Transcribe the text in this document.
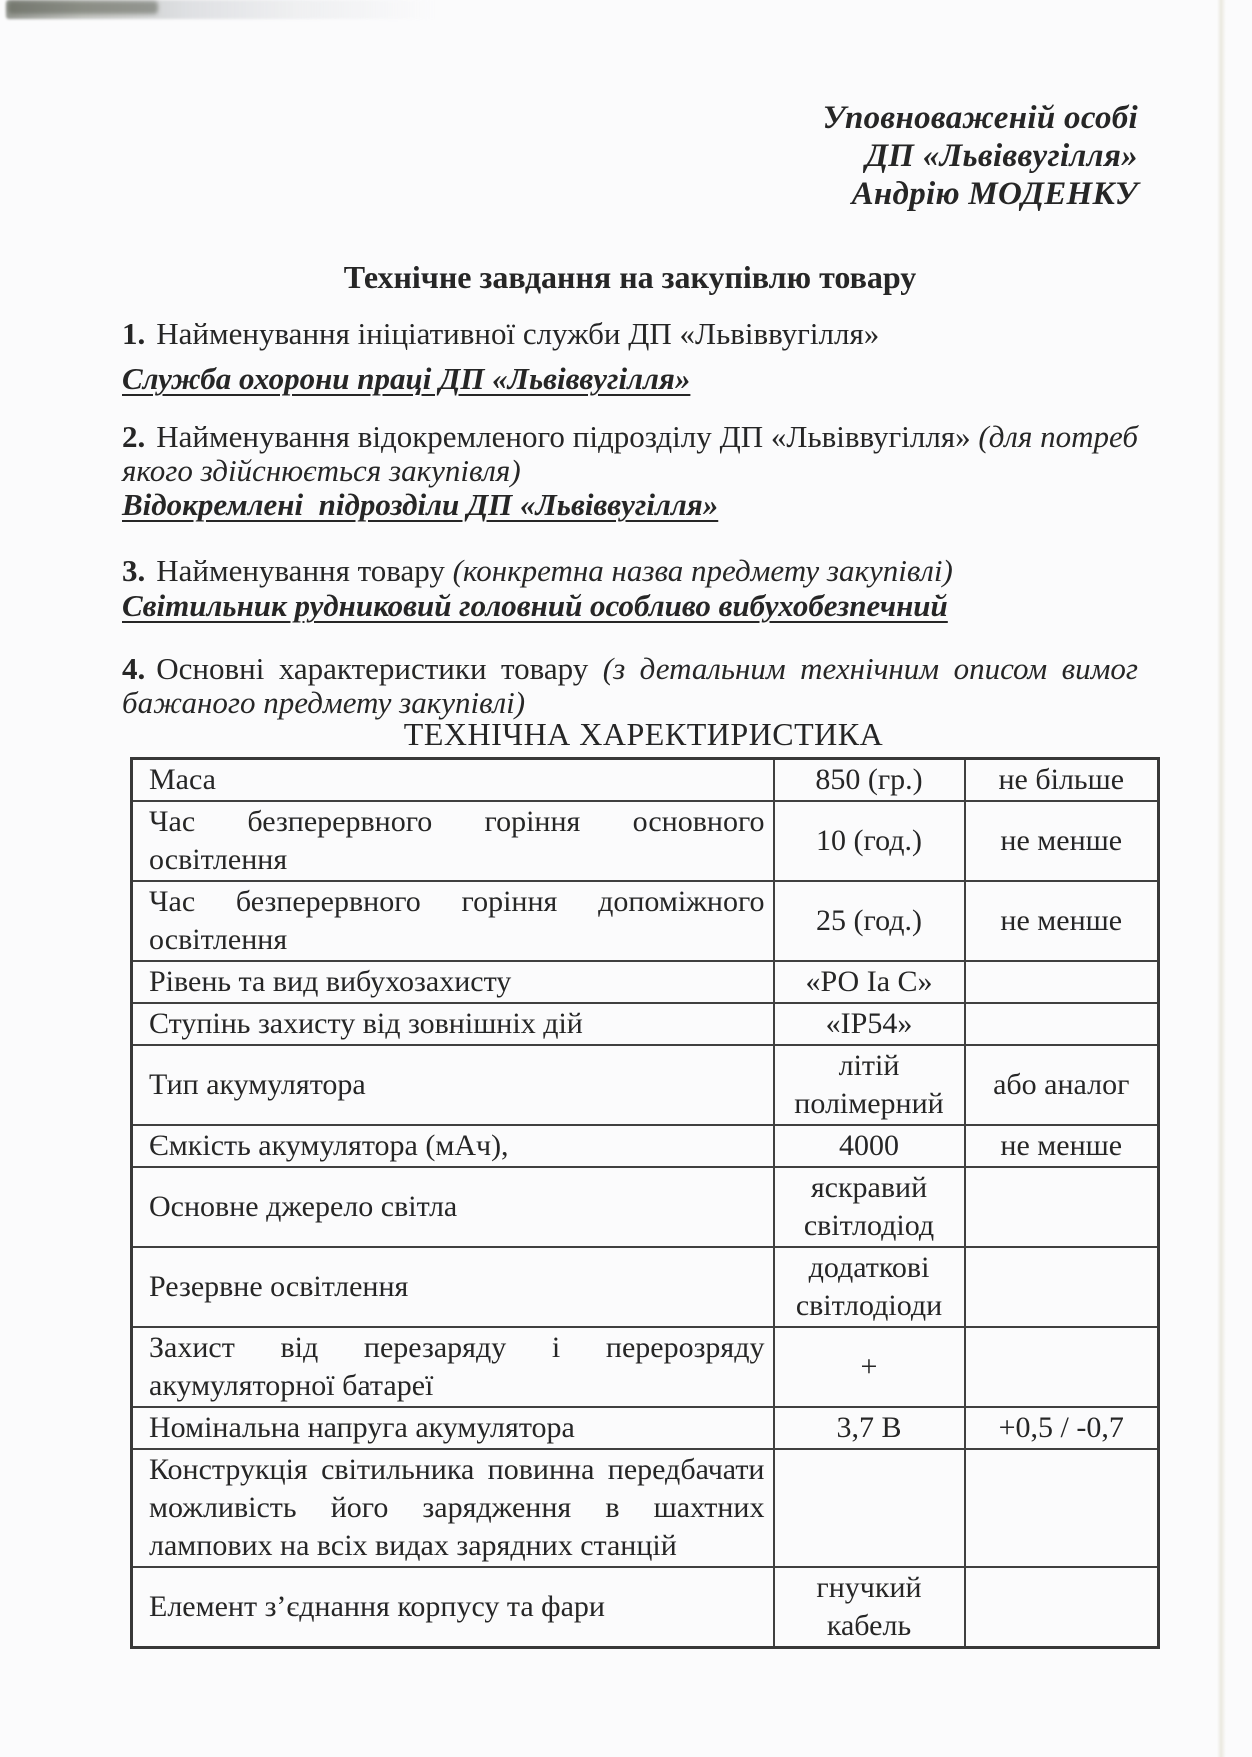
Уповноваженій особі
ДП «Львіввугілля»
Андрію МОДЕНКУ
Технічне завдання на закупівлю товару
1. Найменування ініціативної служби ДП «Львіввугілля»
Служба охорони праці ДП «Львіввугілля»
2. Найменування відокремленого підрозділу ДП «Львіввугілля» (для потреб якого здійснюється закупівля)
Відокремлені  підрозділи ДП «Львіввугілля»
3. Найменування товару (конкретна назва предмету закупівлі)
Світильник рудниковий головний особливо вибухобезпечний
4. Основні характеристики товару (з детальним технічним описом вимог бажаного предмету закупівлі)
ТЕХНІЧНА ХАРЕКТИРИСТИКА
Маса	850 (гр.)	не більше
Час безперервного горіння основного освітлення	10 (год.)	не менше
Час безперервного горіння допоміжного освітлення	25 (год.)	не менше
Рівень та вид вибухозахисту	«РО Іа С»	
Ступінь захисту від зовнішніх дій	«ІР54»	
Тип акумулятора	літій полімерний	або аналог
Ємкість акумулятора (мАч),	4000	не менше
Основне джерело світла	яскравий світлодіод	
Резервне освітлення	додаткові світлодіоди	
Захист від перезаряду і перерозряду акумуляторної батареї	+	
Номінальна напруга акумулятора	3,7 В	+0,5 / -0,7
Конструкція світильника повинна передбачати можливість його зарядження в шахтних лампових на всіх видах зарядних станцій		
Елемент з’єднання корпусу та фари	гнучкий кабель	
